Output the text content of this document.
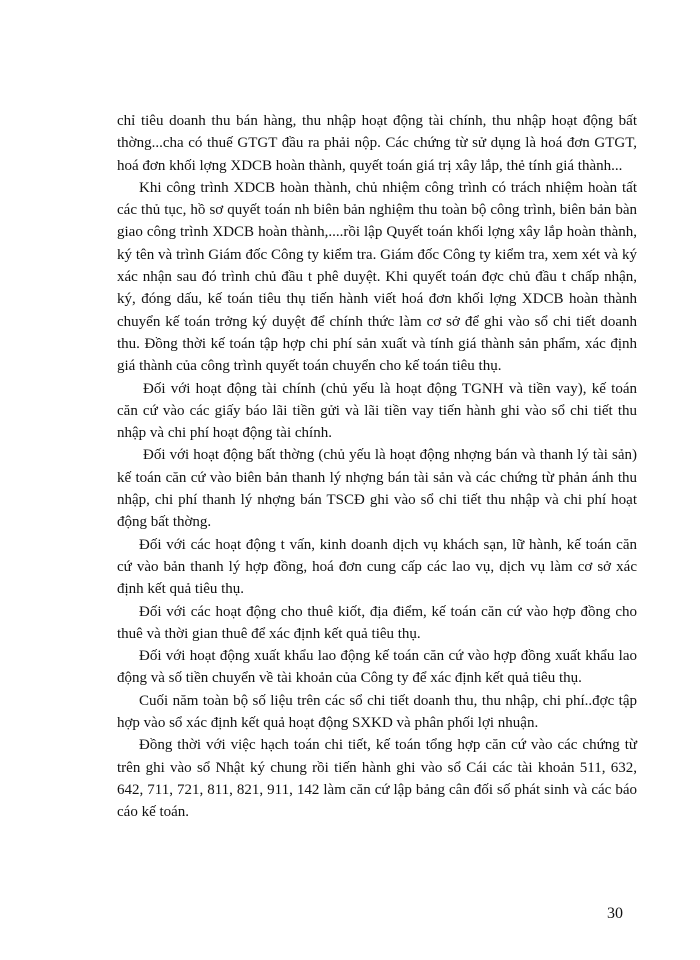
chỉ tiêu doanh thu bán hàng, thu nhập hoạt động tài chính, thu nhập hoạt động bất thờng...cha có thuế GTGT đầu ra phải nộp. Các chứng từ sử dụng là hoá đơn GTGT, hoá đơn khối lợng XDCB hoàn thành, quyết toán giá trị xây lắp, thẻ tính giá thành...

Khi công trình XDCB hoàn thành, chủ nhiệm công trình có trách nhiệm hoàn tất các thủ tục, hồ sơ quyết toán nh biên bản nghiệm thu toàn bộ công trình, biên bản bàn giao công trình XDCB hoàn thành,....rồi lập Quyết toán khối lợng xây lắp hoàn thành, ký tên và trình Giám đốc Công ty kiểm tra. Giám đốc Công ty kiểm tra, xem xét và ký xác nhận sau đó trình chủ đầu t phê duyệt. Khi quyết toán đợc chủ đầu t chấp nhận, ký, đóng dấu, kế toán tiêu thụ tiến hành viết hoá đơn khối lợng XDCB hoàn thành chuyển kế toán trởng ký duyệt để chính thức làm cơ sở để ghi vào sổ chi tiết doanh thu. Đồng thời kế toán tập hợp chi phí sản xuất và tính giá thành sản phẩm, xác định giá thành của công trình quyết toán chuyển cho kế toán tiêu thụ.

Đối với hoạt động tài chính (chủ yếu là hoạt động TGNH và tiền vay), kế toán căn cứ vào các giấy báo lãi tiền gửi và lãi tiền vay tiến hành ghi vào sổ chi tiết thu nhập và chi phí hoạt động tài chính.

Đối với hoạt động bất thờng (chủ yếu là hoạt động nhợng bán và thanh lý tài sản) kế toán căn cứ vào biên bản thanh lý nhợng bán tài sản và các chứng từ phản ánh thu nhập, chi phí thanh lý nhợng bán TSCĐ ghi vào sổ chi tiết thu nhập và chi phí hoạt động bất thờng.

Đối với các hoạt động t vấn, kinh doanh dịch vụ khách sạn, lữ hành, kế toán căn cứ vào bản thanh lý hợp đồng, hoá đơn cung cấp các lao vụ, dịch vụ làm cơ sở xác định kết quả tiêu thụ.

Đối với các hoạt động cho thuê kiốt, địa điểm, kế toán căn cứ vào hợp đồng cho thuê và thời gian thuê để xác định kết quả tiêu thụ.

Đối với hoạt động xuất khẩu lao động kế toán căn cứ vào hợp đồng xuất khẩu lao động và số tiền chuyển về tài khoản của Công ty để xác định kết quả tiêu thụ.

Cuối năm toàn bộ số liệu trên các sổ chi tiết doanh thu, thu nhập, chi phí..đợc tập hợp vào sổ xác định kết quả hoạt động SXKD và phân phối lợi nhuận.

Đồng thời với việc hạch toán chi tiết, kế toán tổng hợp căn cứ vào các chứng từ trên ghi vào sổ Nhật ký chung rồi tiến hành ghi vào sổ Cái các tài khoản 511, 632, 642, 711, 721, 811, 821, 911, 142 làm căn cứ lập bảng cân đối số phát sinh và các báo cáo kế toán.

30
